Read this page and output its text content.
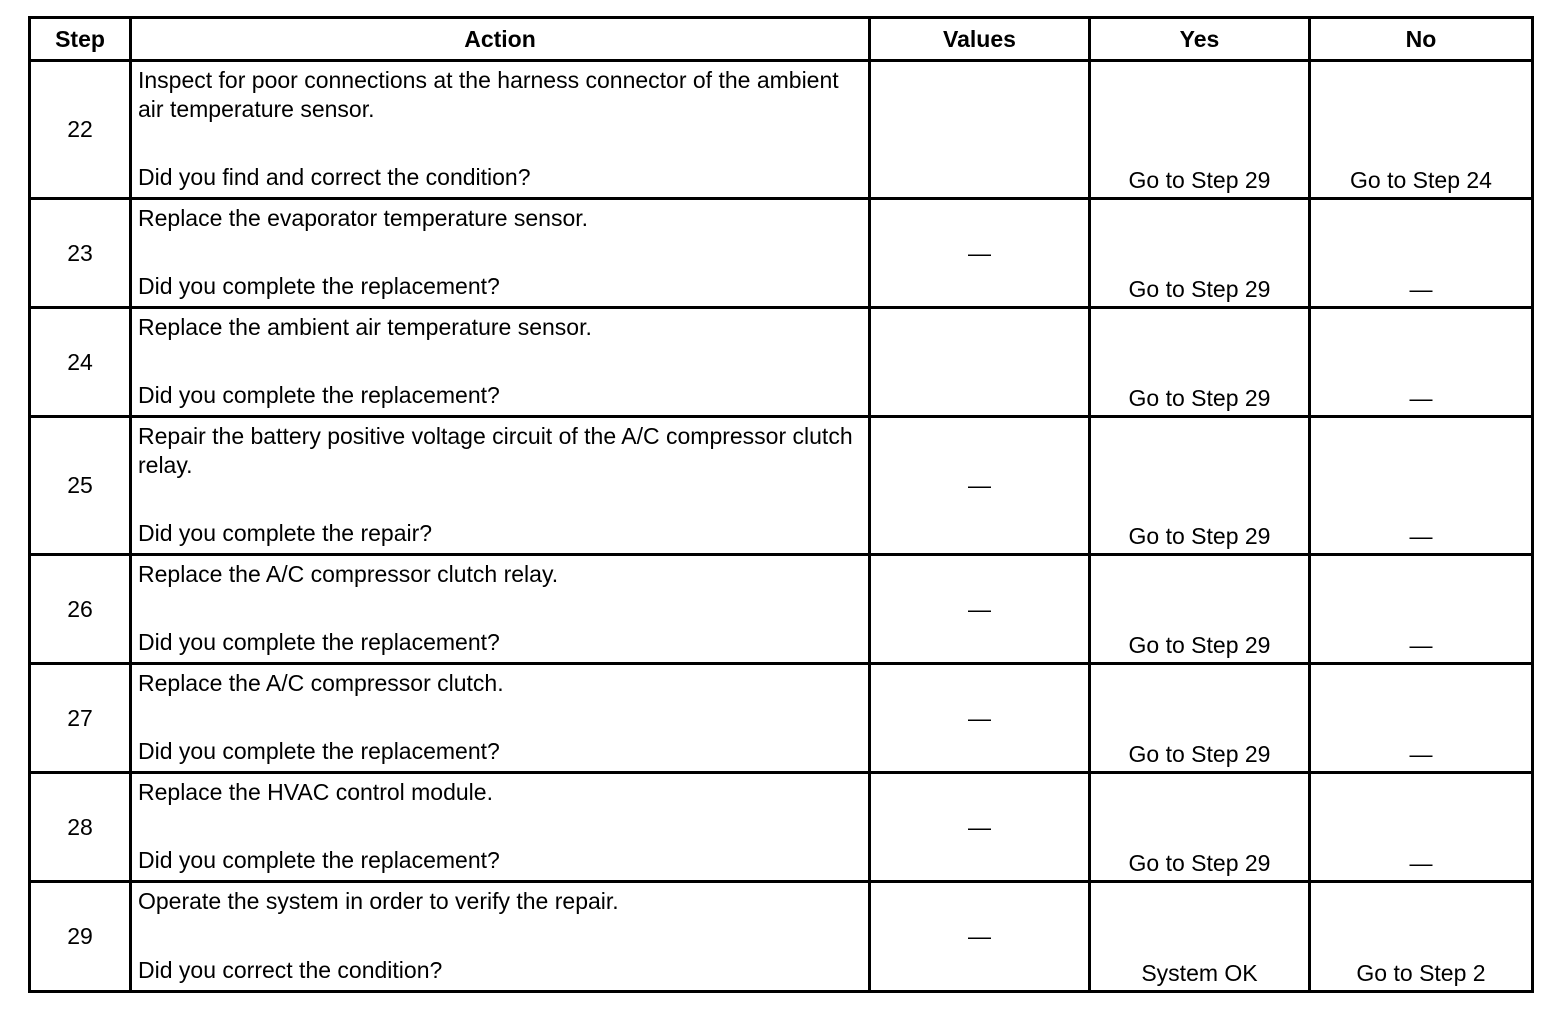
Step	Action	Values	Yes	No
22	Inspect for poor connections at the harness connector of the ambient air temperature sensor.
Did you find and correct the condition?		Go to Step 29	Go to Step 24
23	Replace the evaporator temperature sensor.
Did you complete the replacement?	—	Go to Step 29	—
24	Replace the ambient air temperature sensor.
Did you complete the replacement?		Go to Step 29	—
25	Repair the battery positive voltage circuit of the A/C compressor clutch relay.
Did you complete the repair?	—	Go to Step 29	—
26	Replace the A/C compressor clutch relay.
Did you complete the replacement?	—	Go to Step 29	—
27	Replace the A/C compressor clutch.
Did you complete the replacement?	—	Go to Step 29	—
28	Replace the HVAC control module.
Did you complete the replacement?	—	Go to Step 29	—
29	Operate the system in order to verify the repair.
Did you correct the condition?	—	System OK	Go to Step 2
